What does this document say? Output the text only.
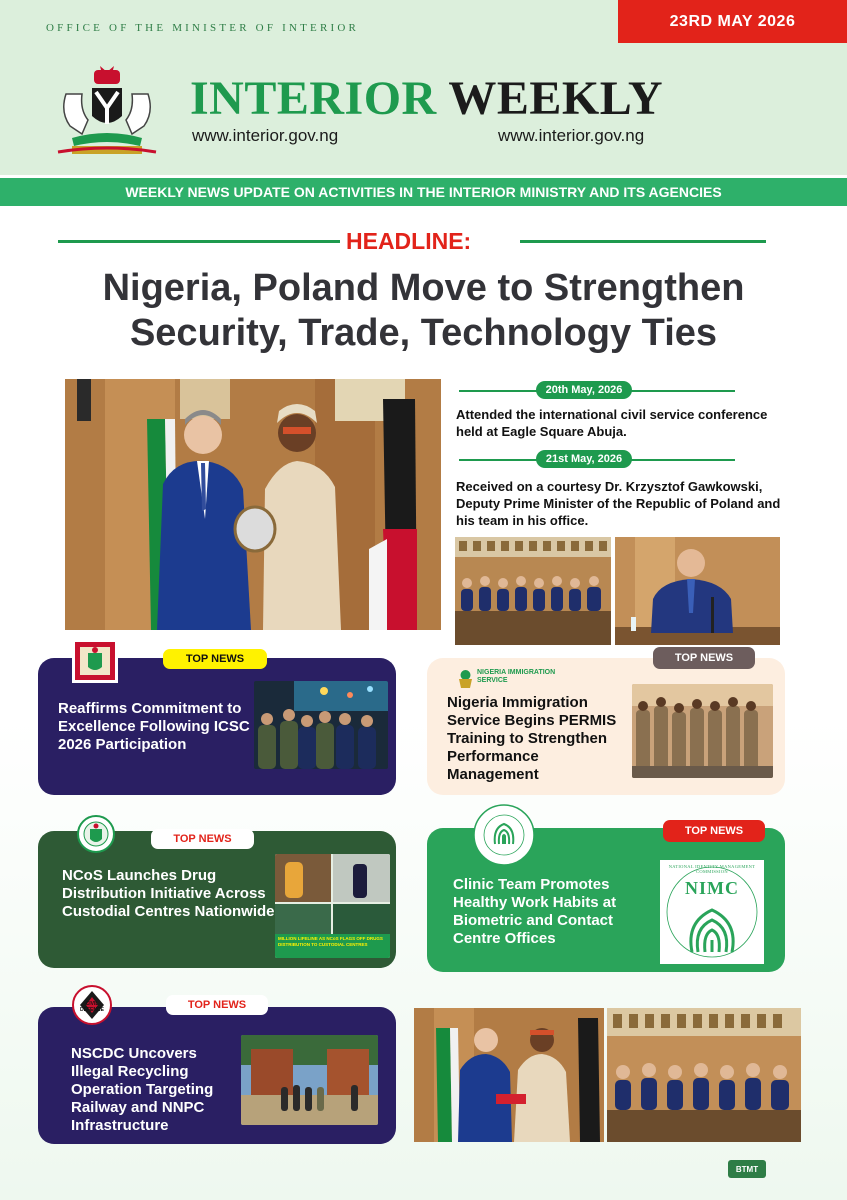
OFFICE OF THE MINISTER OF INTERIOR	23RD MAY 2026
INTERIOR WEEKLY
www.interior.gov.ng	www.interior.gov.ng
WEEKLY NEWS UPDATE ON ACTIVITIES IN THE INTERIOR MINISTRY AND ITS AGENCIES
HEADLINE:
Nigeria, Poland Move to Strengthen
Security, Trade, Technology Ties
20th May, 2026
Attended the international civil service conference held at Eagle Square Abuja.
21st May, 2026
Received on a courtesy Dr. Krzysztof Gawkowski, Deputy Prime Minister of the Republic of Poland and his team in his office.
TOP NEWS
Reaffirms Commitment to Excellence Following ICSC 2026 Participation
NIGERIA IMMIGRATION SERVICE
TOP NEWS
Nigeria Immigration Service Begins PERMIS Training to Strengthen Performance Management
TOP NEWS
NCoS Launches Drug Distribution Initiative Across Custodial Centres Nationwide
MILLION LIFELINE AS NCoS FLAGS OFF DRUGS DISTRIBUTION TO CUSTODIAL CENTRES
TOP NEWS
Clinic Team Promotes Healthy Work Habits at Biometric and Contact Centre Offices
NIMC
NATIONAL IDENTITY MANAGEMENT COMMISSION
CIVIL DEFENCE	TOP NEWS
NSCDC Uncovers Illegal Recycling Operation Targeting Railway and NNPC Infrastructure
BTMT
